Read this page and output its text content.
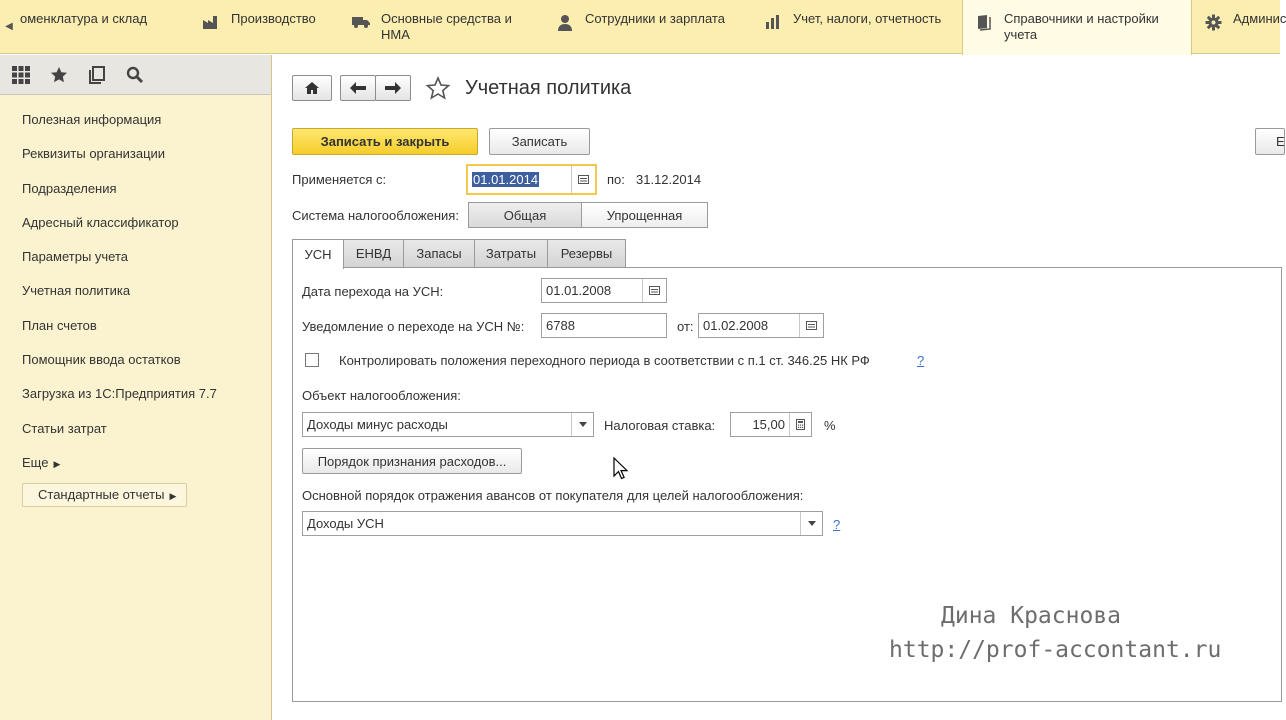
◀
оменклатура и склад	Производство	Основные средства и НМА
Сотрудники и зарплата	Учет, налоги, отчетность	Справочники и настройки учета
Админис
Полезная информация
Реквизиты организации
Подразделения
Адресный классификатор
Параметры учета
Учетная политика
План счетов
Помощник ввода остатков
Загрузка из 1С:Предприятия 7.7
Статьи затрат
Еще ▶
Стандартные отчеты ▶
Учетная политика
Записать и закрыть	Записать	Е
Применяется с:	01.01.2014	по: 31.12.2014
Система налогообложения:	Общая	Упрощенная
УСН	ЕНВД	Запасы	Затраты	Резервы
Дата перехода на УСН:	01.01.2008
Уведомление о переходе на УСН №:	6788	от: 01.02.2008
Контролировать положения переходного периода в соответствии с п.1 ст. 346.25 НК РФ	?
Объект налогообложения:
Доходы минус расходы	Налоговая ставка:	15,00	%
Порядок признания расходов...
Основной порядок отражения авансов от покупателя для целей налогообложения:
Доходы УСН	?
Дина Краснова
http://prof-accontant.ru
